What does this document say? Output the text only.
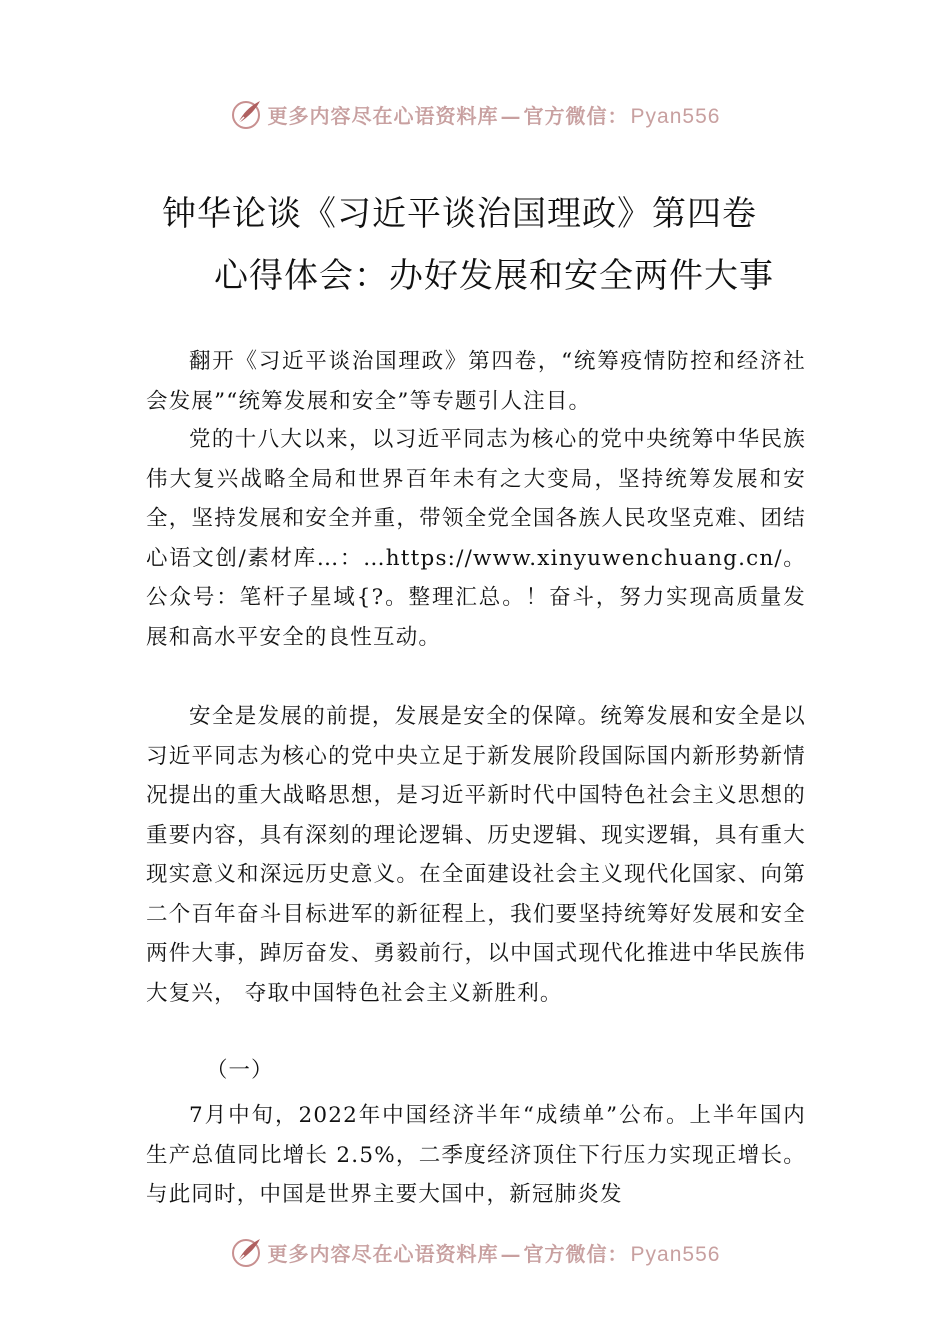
更多内容尽在心语资料库 — 官方微信：Pyan556
钟华论谈《习近平谈治国理政》第四卷
心得体会：办好发展和安全两件大事

翻开《习近平谈治国理政》第四卷，“统筹疫情防控和经济社会发展”“统筹发展和安全”等专题引人注目。

党的十八大以来，以习近平同志为核心的党中央统筹中华民族伟大复兴战略全局和世界百年未有之大变局，坚持统筹发展和安全，坚持发展和安全并重，带领全党全国各族人民攻坚克难、团结心语文创/素材库…：…https://www.xinyuwenchuang.cn/。公众号：笔杆子星域{?。整理汇总。！奋斗，努力实现高质量发展和高水平安全的良性互动。

安全是发展的前提，发展是安全的保障。统筹发展和安全是以习近平同志为核心的党中央立足于新发展阶段国际国内新形势新情况提出的重大战略思想，是习近平新时代中国特色社会主义思想的重要内容，具有深刻的理论逻辑、历史逻辑、现实逻辑，具有重大现实意义和深远历史意义。在全面建设社会主义现代化国家、向第二个百年奋斗目标进军的新征程上，我们要坚持统筹好发展和安全两件大事，踔厉奋发、勇毅前行，以中国式现代化推进中华民族伟大复兴， 夺取中国特色社会主义新胜利。

（一）

7月中旬，2022年中国经济半年“成绩单”公布。上半年国内生产总值同比增长 2.5%，二季度经济顶住下行压力实现正增长。与此同时，中国是世界主要大国中，新冠肺炎发

更多内容尽在心语资料库 — 官方微信：Pyan556
